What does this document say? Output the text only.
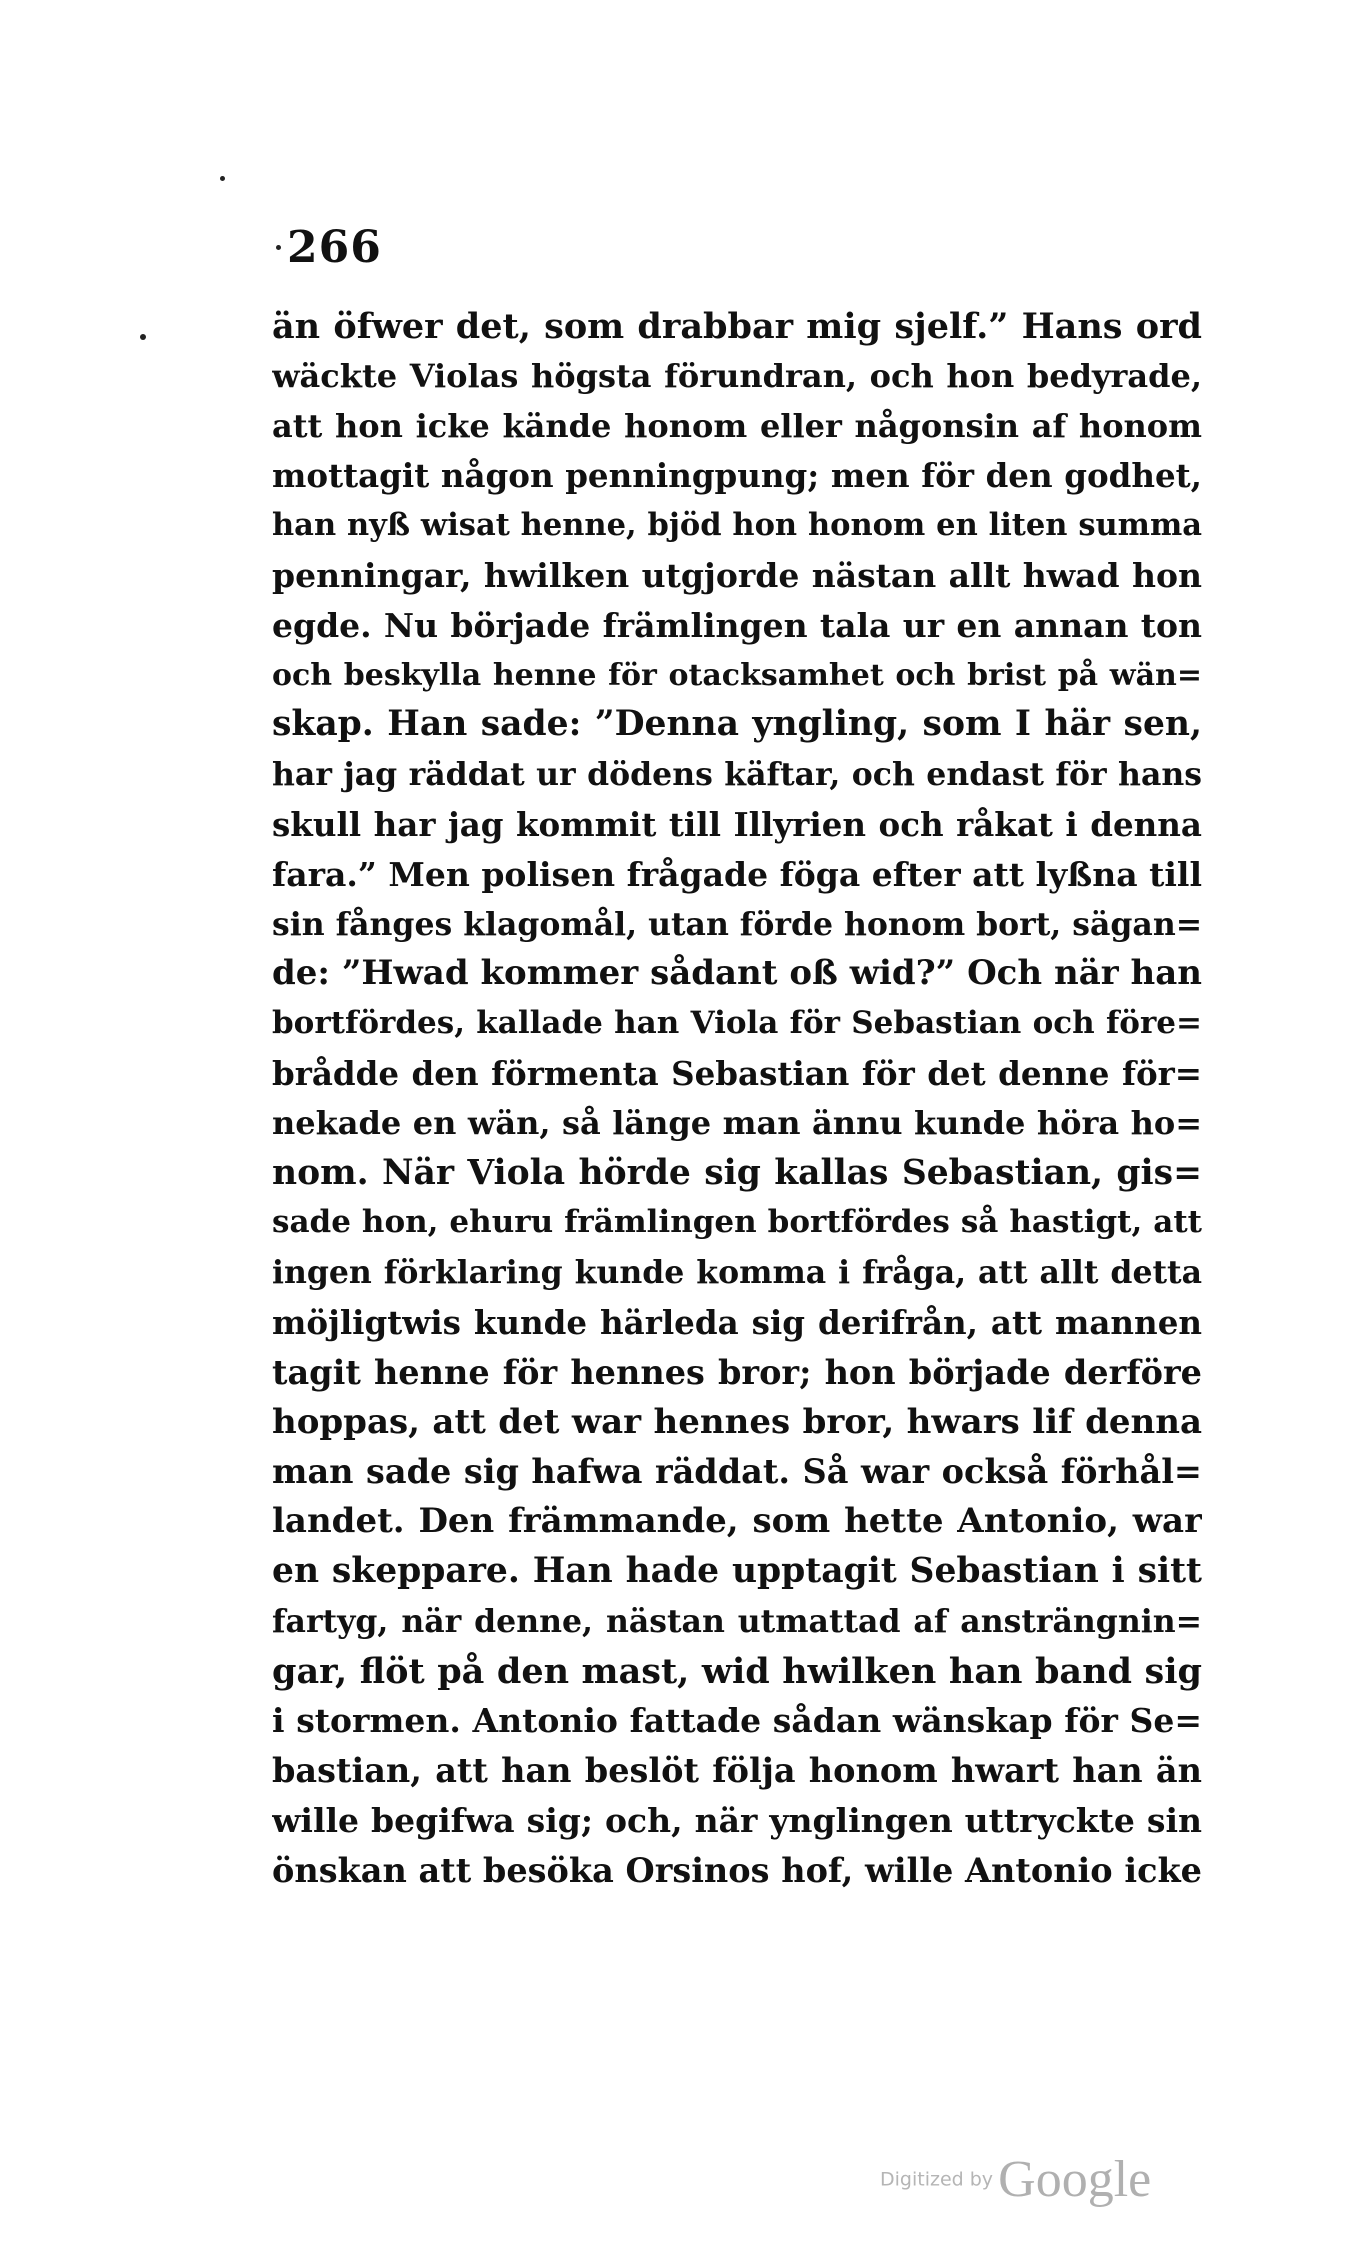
266
än öfwer det, som drabbar mig sjelf.” Hans ord
wäckte Violas högsta förundran, och hon bedyrade,
att hon icke kände honom eller någonsin af honom
mottagit någon penningpung; men för den godhet,
han nyß wisat henne, bjöd hon honom en liten summa
penningar, hwilken utgjorde nästan allt hwad hon
egde. Nu började främlingen tala ur en annan ton
och beskylla henne för otacksamhet och brist på wän=
skap. Han sade: ”Denna yngling, som I här sen,
har jag räddat ur dödens käftar, och endast för hans
skull har jag kommit till Illyrien och råkat i denna
fara.” Men polisen frågade föga efter att lyßna till
sin fånges klagomål, utan förde honom bort, sägan=
de: ”Hwad kommer sådant oß wid?” Och när han
bortfördes, kallade han Viola för Sebastian och före=
brådde den förmenta Sebastian för det denne för=
nekade en wän, så länge man ännu kunde höra ho=
nom. När Viola hörde sig kallas Sebastian, gis=
sade hon, ehuru främlingen bortfördes så hastigt, att
ingen förklaring kunde komma i fråga, att allt detta
möjligtwis kunde härleda sig derifrån, att mannen
tagit henne för hennes bror; hon började derföre
hoppas, att det war hennes bror, hwars lif denna
man sade sig hafwa räddat. Så war också förhål=
landet. Den främmande, som hette Antonio, war
en skeppare. Han hade upptagit Sebastian i sitt
fartyg, när denne, nästan utmattad af ansträngnin=
gar, flöt på den mast, wid hwilken han band sig
i stormen. Antonio fattade sådan wänskap för Se=
bastian, att han beslöt följa honom hwart han än
wille begifwa sig; och, när ynglingen uttryckte sin
önskan att besöka Orsinos hof, wille Antonio icke
Digitized by Google
